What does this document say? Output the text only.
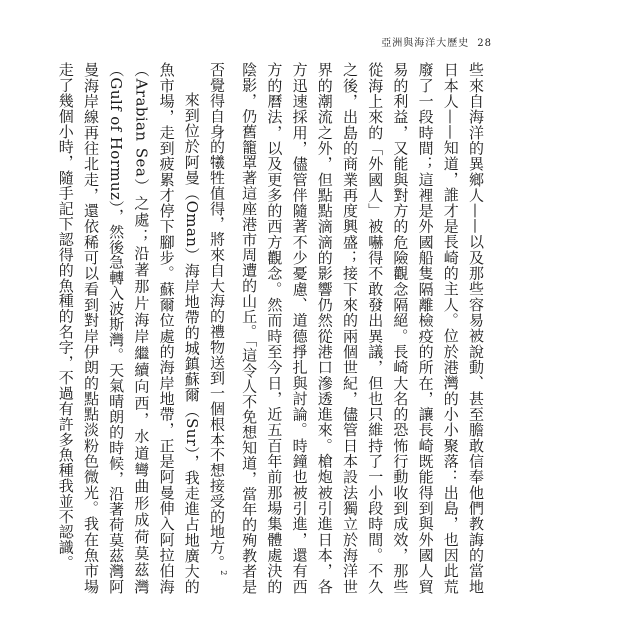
亞洲與海洋大歷史 28

些來自海洋的異鄉人——以及那些容易被說動、甚至膽敢信奉他們教誨的當地日本人——知道，誰才是長崎的主人。位於港灣的小小聚落：出島，也因此荒廢了一段時間；這裡是外國船隻隔離檢疫的所在，讓長崎既能得到與外國人貿易的利益，又能與對方的危險觀念隔絕。長崎大名的恐怖行動收到成效，那些從海上來的「外國人」被嚇得不敢發出異議，但也只維持了一小段時間。不久之後，出島的商業再度興盛；接下來的兩個世紀，儘管日本設法獨立於海洋世界的潮流之外，但點點滴滴的影響仍然從港口滲透進來。槍炮被引進日本，各方迅速採用，儘管伴隨著不少憂慮、道德掙扎與討論。時鐘也被引進，還有西方的曆法，以及更多的西方觀念。然而時至今日，近五百年前那場集體處決的陰影，仍舊籠罩著這座港市周遭的山丘。「這令人不免想知道，當年的殉教者是否覺得自身的犧牲值得，將來自大海的禮物送到一個根本不想接受的地方。$^2$

來到位於阿曼（Oman）海岸地帶的城鎮蘇爾（Sur），我走進占地廣大的魚市場，走到疲累才停下腳步。蘇爾位處的海岸地帶，正是阿曼伸入阿拉伯海（Arabian Sea）之處；沿著那片海岸繼續向西，水道彎曲形成荷莫茲灣（Gulf of Hormuz），然後急轉入波斯灣。天氣晴朗的時候，沿著荷莫茲灣阿曼海岸線再往北走，還依稀可以看到對岸伊朗的點點淡粉色微光。我在魚市場走了幾個小時，隨手記下認得的魚種的名字，不過有許多魚種我並不認識。
